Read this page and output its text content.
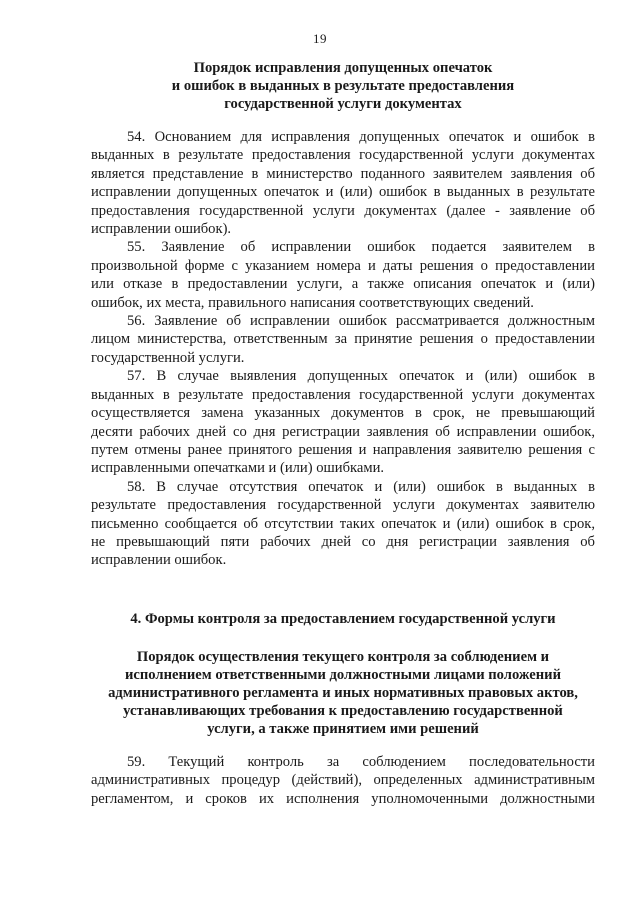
19
Порядок исправления допущенных опечаток
и ошибок в выданных в результате предоставления
государственной услуги документах
54. Основанием для исправления допущенных опечаток и ошибок в
выданных в результате предоставления государственной услуги документах
является представление в министерство поданного заявителем заявления об
исправлении допущенных опечаток и (или) ошибок в выданных в результате
предоставления государственной услуги документах (далее - заявление об
исправлении ошибок).
55. Заявление об исправлении ошибок подается заявителем в
произвольной форме с указанием номера и даты решения о предоставлении
или отказе в предоставлении услуги, а также описания опечаток и (или)
ошибок, их места, правильного написания соответствующих сведений.
56. Заявление об исправлении ошибок рассматривается должностным
лицом министерства, ответственным за принятие решения о предоставлении
государственной услуги.
57. В случае выявления допущенных опечаток и (или) ошибок в
выданных в результате предоставления государственной услуги документах
осуществляется замена указанных документов в срок, не превышающий
десяти рабочих дней со дня регистрации заявления об исправлении ошибок,
путем отмены ранее принятого решения и направления заявителю решения с
исправленными опечатками и (или) ошибками.
58. В случае отсутствия опечаток и (или) ошибок в выданных в
результате предоставления государственной услуги документах заявителю
письменно сообщается об отсутствии таких опечаток и (или) ошибок в срок,
не превышающий пяти рабочих дней со дня регистрации заявления об
исправлении ошибок.
4. Формы контроля за предоставлением государственной услуги
Порядок осуществления текущего контроля за соблюдением и
исполнением ответственными должностными лицами положений
административного регламента и иных нормативных правовых актов,
устанавливающих требования к предоставлению государственной
услуги, а также принятием ими решений
59. Текущий контроль за соблюдением последовательности
административных процедур (действий), определенных административным
регламентом, и сроков их исполнения уполномоченными должностными
